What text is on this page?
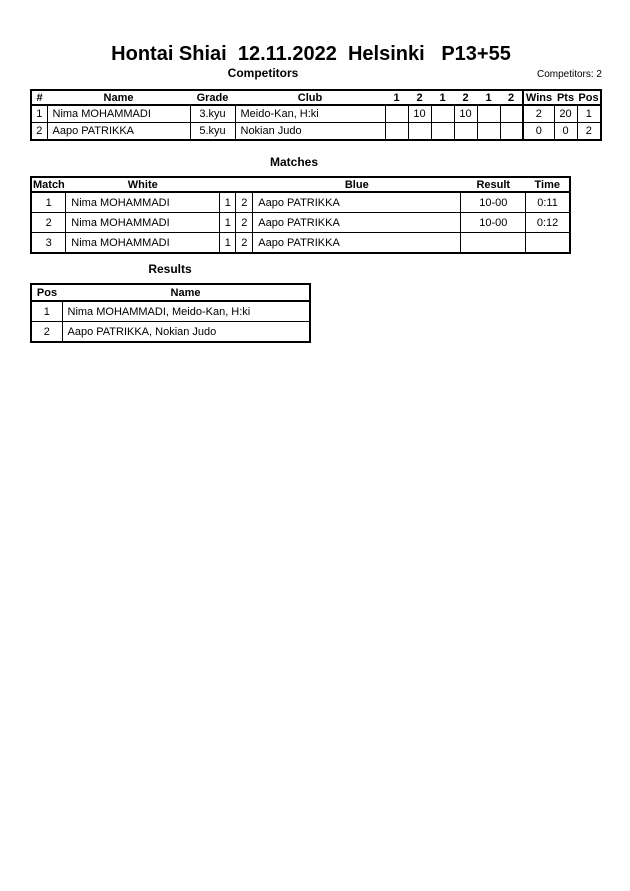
Hontai Shiai  12.11.2022  Helsinki   P13+55
Competitors	Competitors: 2
#	Name	Grade	Club	1	2	1	2	1	2	Wins	Pts	Pos
1	Nima MOHAMMADI	3.kyu	Meido-Kan, H:ki		10		10			2	20	1
2	Aapo PATRIKKA	5.kyu	Nokian Judo							0	0	2
Matches
Match	White			Blue	Result	Time
1	Nima MOHAMMADI	1	2	Aapo PATRIKKA	10-00	0:11
2	Nima MOHAMMADI	1	2	Aapo PATRIKKA	10-00	0:12
3	Nima MOHAMMADI	1	2	Aapo PATRIKKA		
Results
Pos	Name
1	Nima MOHAMMADI, Meido-Kan, H:ki
2	Aapo PATRIKKA, Nokian Judo
